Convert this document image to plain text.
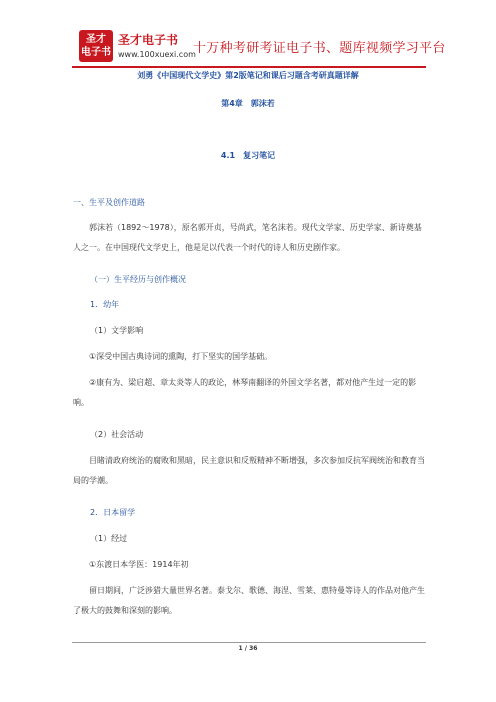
圣才
电子书
圣才电子书
www.100xuexi.com
十万种考研考证电子书、题库视频学习平台
刘勇《中国现代文学史》第2版笔记和课后习题含考研真题详解
第4章　郭沫若
4.1　复习笔记
一、生平及创作道路
郭沫若（1892～1978），原名郭开贞，号尚武，笔名沫若。现代文学家、历史学家、新诗奠基人之一。在中国现代文学史上，他是足以代表一个时代的诗人和历史剧作家。
（一）生平经历与创作概况
1．幼年
（1）文学影响
①深受中国古典诗词的熏陶，打下坚实的国学基础。
②康有为、梁启超、章太炎等人的政论，林琴南翻译的外国文学名著，都对他产生过一定的影响。
（2）社会活动
目睹清政府统治的腐败和黑暗，民主意识和反叛精神不断增强，多次参加反抗军阀统治和教育当局的学潮。
2．日本留学
（1）经过
①东渡日本学医：1914年初
留日期间，广泛涉猎大量世界名著。泰戈尔、歌德、海涅、雪莱、惠特曼等诗人的作品对他产生了极大的鼓舞和深刻的影响。
1 / 36
